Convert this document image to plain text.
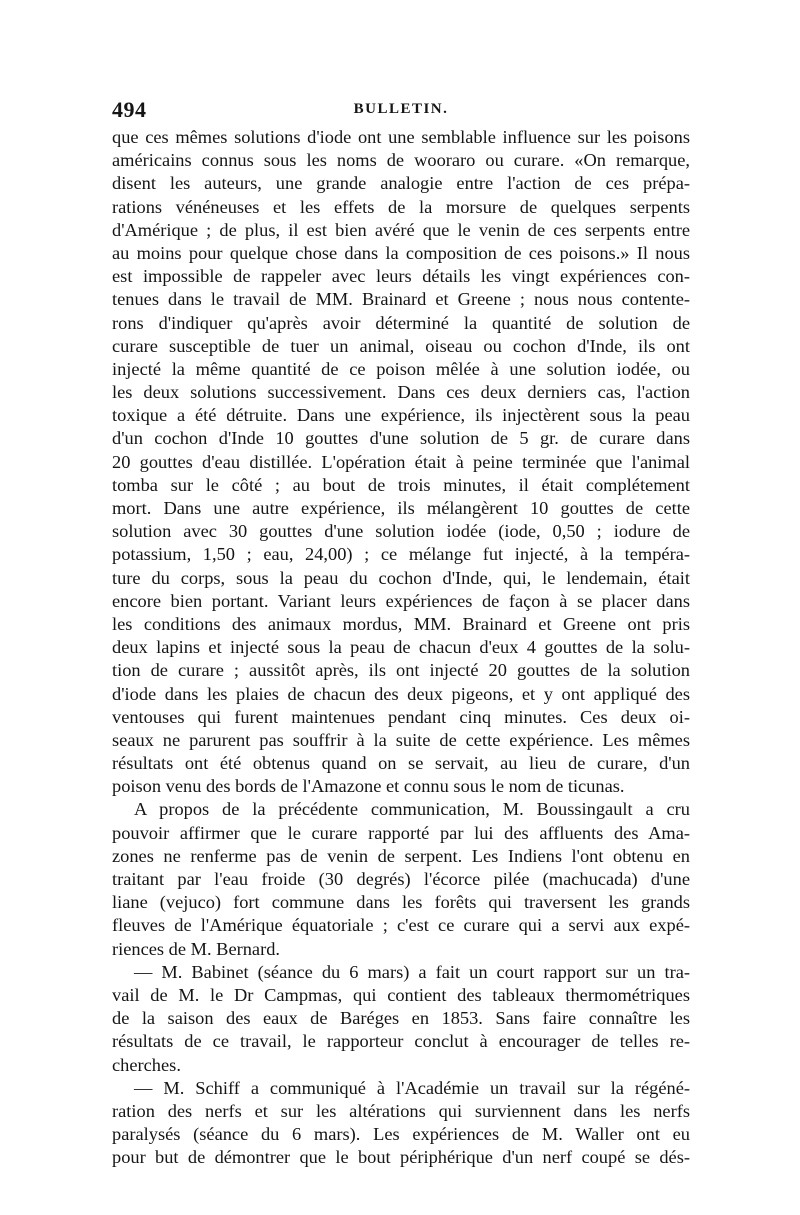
494	BULLETIN.
que ces mêmes solutions d'iode ont une semblable influence sur les poisons
américains connus sous les noms de wooraro ou curare. «On remarque,
disent les auteurs, une grande analogie entre l'action de ces prépa-
rations vénéneuses et les effets de la morsure de quelques serpents
d'Amérique ; de plus, il est bien avéré que le venin de ces serpents entre
au moins pour quelque chose dans la composition de ces poisons.» Il nous
est impossible de rappeler avec leurs détails les vingt expériences con-
tenues dans le travail de MM. Brainard et Greene ; nous nous contente-
rons d'indiquer qu'après avoir déterminé la quantité de solution de
curare susceptible de tuer un animal, oiseau ou cochon d'Inde, ils ont
injecté la même quantité de ce poison mêlée à une solution iodée, ou
les deux solutions successivement. Dans ces deux derniers cas, l'action
toxique a été détruite. Dans une expérience, ils injectèrent sous la peau
d'un cochon d'Inde 10 gouttes d'une solution de 5 gr. de curare dans
20 gouttes d'eau distillée. L'opération était à peine terminée que l'animal
tomba sur le côté ; au bout de trois minutes, il était complétement
mort. Dans une autre expérience, ils mélangèrent 10 gouttes de cette
solution avec 30 gouttes d'une solution iodée (iode, 0,50 ; iodure de
potassium, 1,50 ; eau, 24,00) ; ce mélange fut injecté, à la tempéra-
ture du corps, sous la peau du cochon d'Inde, qui, le lendemain, était
encore bien portant. Variant leurs expériences de façon à se placer dans
les conditions des animaux mordus, MM. Brainard et Greene ont pris
deux lapins et injecté sous la peau de chacun d'eux 4 gouttes de la solu-
tion de curare ; aussitôt après, ils ont injecté 20 gouttes de la solution
d'iode dans les plaies de chacun des deux pigeons, et y ont appliqué des
ventouses qui furent maintenues pendant cinq minutes. Ces deux oi-
seaux ne parurent pas souffrir à la suite de cette expérience. Les mêmes
résultats ont été obtenus quand on se servait, au lieu de curare, d'un
poison venu des bords de l'Amazone et connu sous le nom de ticunas.
A propos de la précédente communication, M. Boussingault a cru
pouvoir affirmer que le curare rapporté par lui des affluents des Ama-
zones ne renferme pas de venin de serpent. Les Indiens l'ont obtenu en
traitant par l'eau froide (30 degrés) l'écorce pilée (machucada) d'une
liane (vejuco) fort commune dans les forêts qui traversent les grands
fleuves de l'Amérique équatoriale ; c'est ce curare qui a servi aux expé-
riences de M. Bernard.
— M. Babinet (séance du 6 mars) a fait un court rapport sur un tra-
vail de M. le Dr Campmas, qui contient des tableaux thermométriques
de la saison des eaux de Baréges en 1853. Sans faire connaître les
résultats de ce travail, le rapporteur conclut à encourager de telles re-
cherches.
— M. Schiff a communiqué à l'Académie un travail sur la régéné-
ration des nerfs et sur les altérations qui surviennent dans les nerfs
paralysés (séance du 6 mars). Les expériences de M. Waller ont eu
pour but de démontrer que le bout périphérique d'un nerf coupé se dés-
